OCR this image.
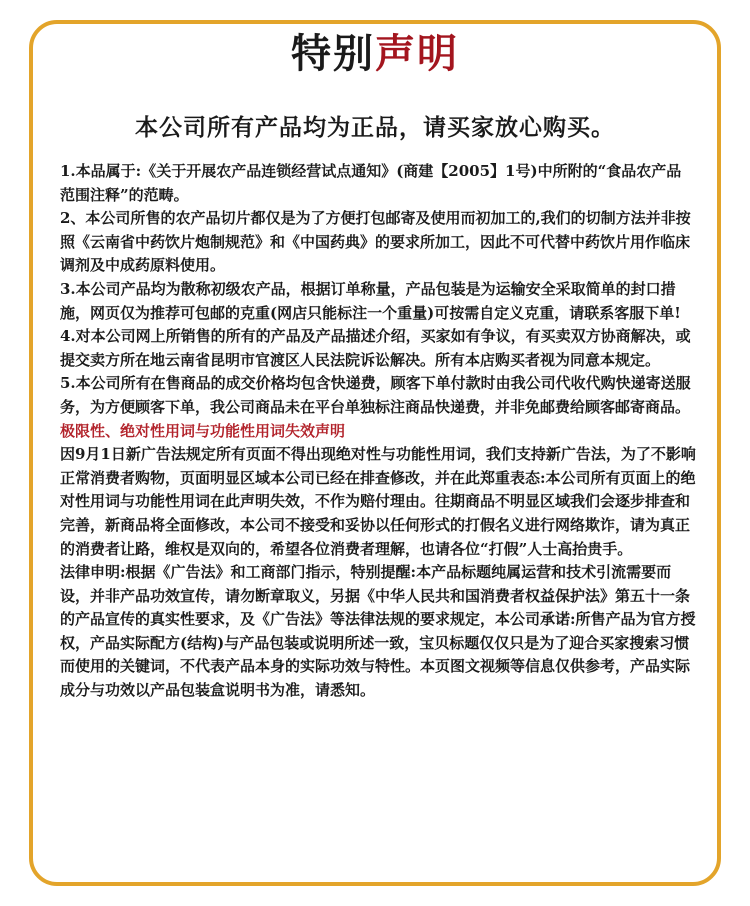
特别声明
本公司所有产品均为正品，请买家放心购买。

1.本品属于:《关于开展农产品连锁经营试点通知》(商建【2005】1号)中所附的“食品农产品范围注释”的范畴。

2、本公司所售的农产品切片都仅是为了方便打包邮寄及使用而初加工的,我们的切制方法并非按照《云南省中药饮片炮制规范》和《中国药典》的要求所加工，因此不可代替中药饮片用作临床调剂及中成药原料使用。

3.本公司产品均为散称初级农产品，根据订单称量，产品包装是为运输安全采取简单的封口措施，网页仅为推荐可包邮的克重(网店只能标注一个重量)可按需自定义克重，请联系客服下单!

4.对本公司网上所销售的所有的产品及产品描述介绍，买家如有争议，有买卖双方协商解决，或提交卖方所在地云南省昆明市官渡区人民法院诉讼解决。所有本店购买者视为同意本规定。

5.本公司所有在售商品的成交价格均包含快递费，顾客下单付款时由我公司代收代购快递寄送服务，为方便顾客下单，我公司商品未在平台单独标注商品快递费，并非免邮费给顾客邮寄商品。

极限性、绝对性用词与功能性用词失效声明

因9月1日新广告法规定所有页面不得出现绝对性与功能性用词，我们支持新广告法，为了不影响正常消费者购物，页面明显区域本公司已经在排查修改，并在此郑重表态:本公司所有页面上的绝对性用词与功能性用词在此声明失效，不作为赔付理由。往期商品不明显区域我们会逐步排查和完善，新商品将全面修改，本公司不接受和妥协以任何形式的打假名义进行网络欺诈，请为真正的消费者让路，维权是双向的，希望各位消费者理解，也请各位“打假”人士高抬贵手。

法律申明:根据《广告法》和工商部门指示，特别提醒:本产品标题纯属运营和技术引流需要而设，并非产品功效宣传，请勿断章取义，另据《中华人民共和国消费者权益保护法》第五十一条的产品宣传的真实性要求，及《广告法》等法律法规的要求规定，本公司承诺:所售产品为官方授权，产品实际配方(结构)与产品包装或说明所述一致，宝贝标题仅仅只是为了迎合买家搜索习惯而使用的关键词，不代表产品本身的实际功效与特性。本页图文视频等信息仅供参考，产品实际成分与功效以产品包装盒说明书为准，请悉知。
